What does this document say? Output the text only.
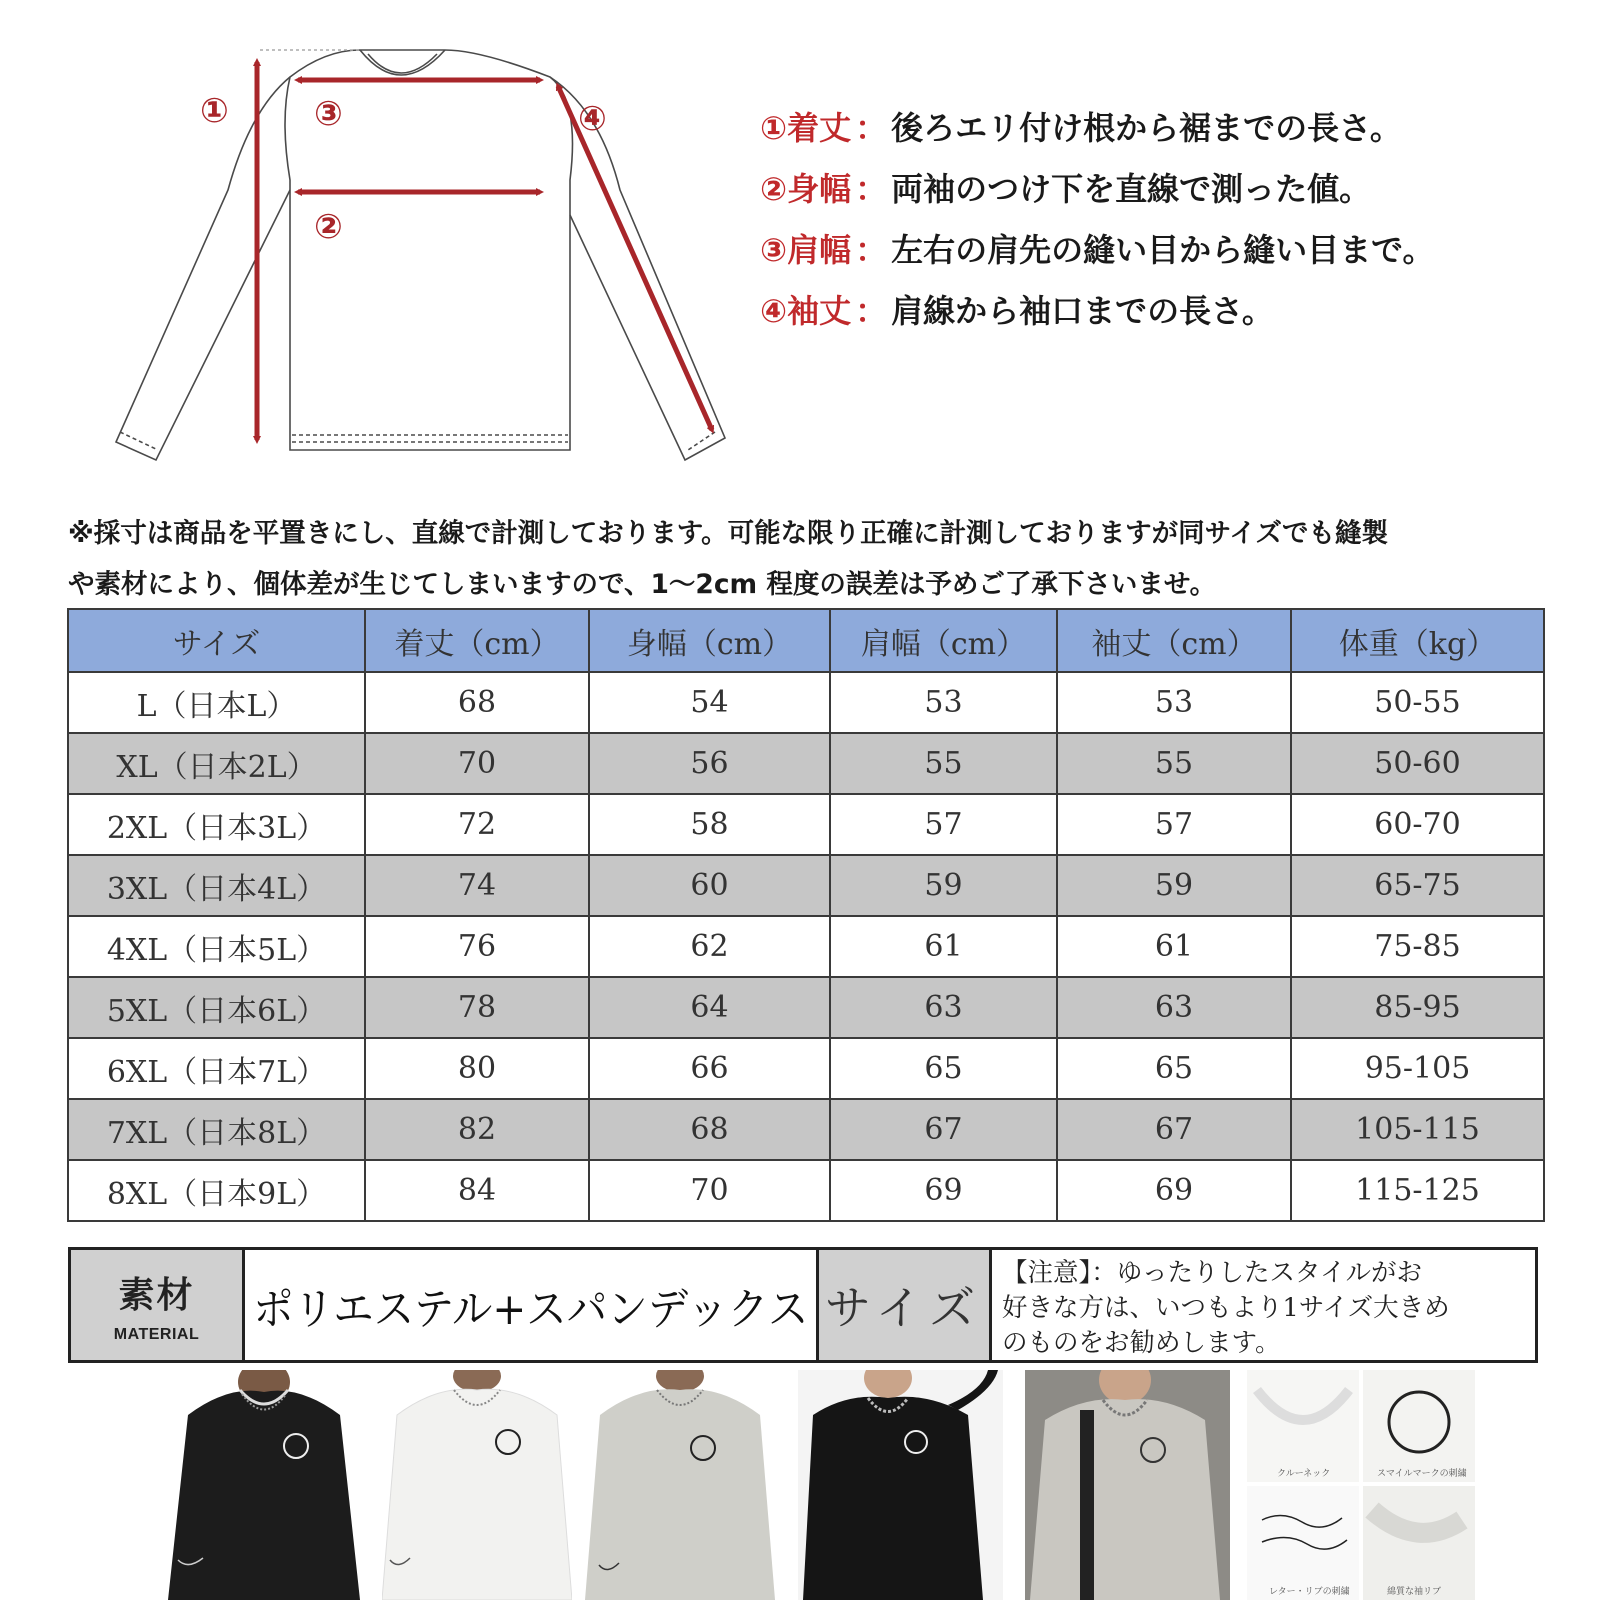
①
②
③	④	①着丈 ： 後ろエリ付け根から裾までの長さ。
②身幅 ： 両袖のつけ下を直線で測った値。
③肩幅 ： 左右の肩先の縫い目から縫い目まで。
④袖丈 ： 肩線から袖口までの長さ。
※採寸は商品を平置きにし、直線で計測しております。可能な限り正確に計測しておりますが同サイズでも縫製
や素材により、個体差が生じてしまいますので、1～2cm 程度の誤差は予めご了承下さいませ。
サイズ	着丈（cm）	身幅（cm）	肩幅（cm）	袖丈（cm）	体重（kg）
L（日本L）	68	54	53	53	50-55
XL（日本2L）	70	56	55	55	50-60
2XL（日本3L）	72	58	57	57	60-70
3XL（日本4L）	74	60	59	59	65-75
4XL（日本5L）	76	62	61	61	75-85
5XL（日本6L）	78	64	63	63	85-95
6XL（日本7L）	80	66	65	65	95-105
7XL（日本8L）	82	68	67	67	105-115
8XL（日本9L）	84	70	69	69	115-125
素材
MATERIAL ポリエステル+スパンデックス サイズ
【注意】：ゆったりしたスタイルがお
好きな方は、いつもより1サイズ大きめ
のものをお勧めします。
クルーネック	スマイルマークの刺繍
レター・リブの刺繍	綿質な袖リブ
